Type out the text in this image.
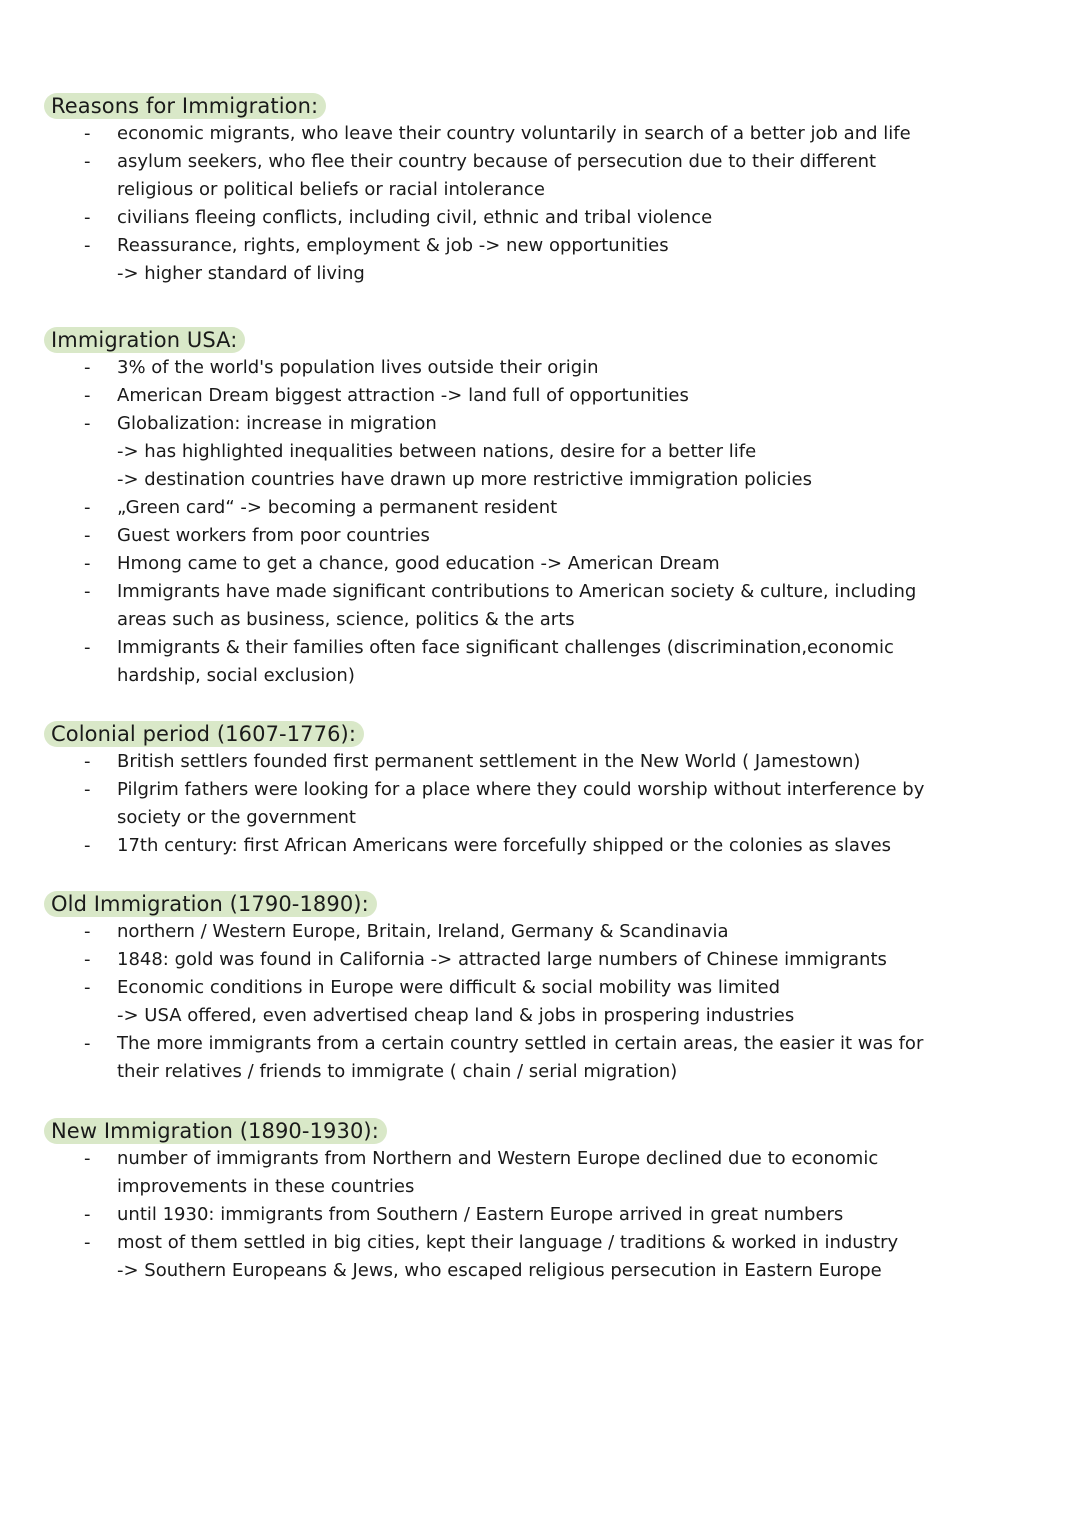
Reasons for Immigration:
- economic migrants, who leave their country voluntarily in search of a better job and life
- asylum seekers, who flee their country because of persecution due to their different
religious or political beliefs or racial intolerance
- civilians fleeing conflicts, including civil, ethnic and tribal violence
- Reassurance, rights, employment & job -> new opportunities
-> higher standard of living
Immigration USA:
- 3% of the world's population lives outside their origin
- American Dream biggest attraction -> land full of opportunities
- Globalization: increase in migration
-> has highlighted inequalities between nations, desire for a better life
-> destination countries have drawn up more restrictive immigration policies
- „Green card“ -> becoming a permanent resident
- Guest workers from poor countries
- Hmong came to get a chance, good education -> American Dream
- Immigrants have made significant contributions to American society & culture, including
areas such as business, science, politics & the arts
- Immigrants & their families often face significant challenges (discrimination,economic
hardship, social exclusion)
Colonial period (1607-1776):
- British settlers founded first permanent settlement in the New World ( Jamestown)
- Pilgrim fathers were looking for a place where they could worship without interference by
society or the government
- 17th century: first African Americans were forcefully shipped or the colonies as slaves
Old Immigration (1790-1890):
- northern / Western Europe, Britain, Ireland, Germany & Scandinavia
- 1848: gold was found in California -> attracted large numbers of Chinese immigrants
- Economic conditions in Europe were difficult & social mobility was limited
-> USA offered, even advertised cheap land & jobs in prospering industries
- The more immigrants from a certain country settled in certain areas, the easier it was for
their relatives / friends to immigrate ( chain / serial migration)
New Immigration (1890-1930):
- number of immigrants from Northern and Western Europe declined due to economic
improvements in these countries
- until 1930: immigrants from Southern / Eastern Europe arrived in great numbers
- most of them settled in big cities, kept their language / traditions & worked in industry
-> Southern Europeans & Jews, who escaped religious persecution in Eastern Europe
